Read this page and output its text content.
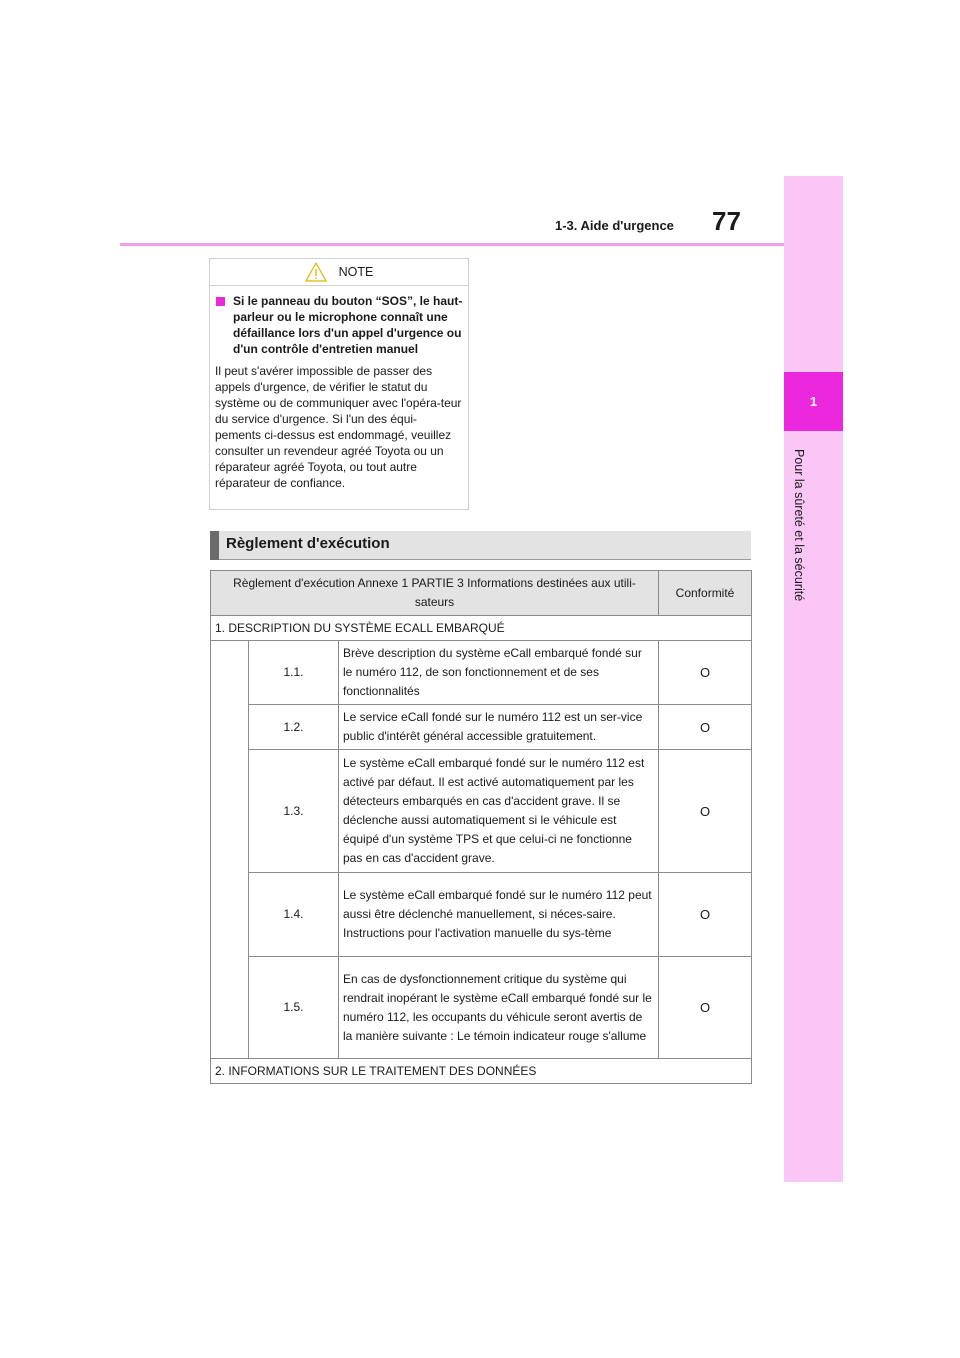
1-3. Aide d'urgence 77
1
Pour la sûreté et la sécurité
NOTE
Si le panneau du bouton “SOS”, le haut-parleur ou le microphone connaît une défaillance lors d'un appel d'urgence ou d'un contrôle d'entretien manuel
Il peut s'avérer impossible de passer des appels d'urgence, de vérifier le statut du système ou de communiquer avec l'opéra-teur du service d'urgence. Si l'un des équi-pements ci-dessus est endommagé, veuillez consulter un revendeur agréé Toyota ou un réparateur agréé Toyota, ou tout autre réparateur de confiance.
Règlement d'exécution
Règlement d'exécution Annexe 1 PARTIE 3 Informations destinées aux utili-sateurs			Conformité
1. DESCRIPTION DU SYSTÈME ECALL EMBARQUÉ			
	1.1.	Brève description du système eCall embarqué fondé sur le numéro 112, de son fonctionnement et de ses fonctionnalités	O
	1.2.	Le service eCall fondé sur le numéro 112 est un ser-vice public d'intérêt général accessible gratuitement.	O
	1.3.	Le système eCall embarqué fondé sur le numéro 112 est activé par défaut. Il est activé automatiquement par les détecteurs embarqués en cas d'accident grave. Il se déclenche aussi automatiquement si le véhicule est équipé d'un système TPS et que celui-ci ne fonctionne pas en cas d'accident grave.	O
	1.4.	Le système eCall embarqué fondé sur le numéro 112 peut aussi être déclenché manuellement, si néces-saire. Instructions pour l'activation manuelle du sys-tème	O
	1.5.	En cas de dysfonctionnement critique du système qui rendrait inopérant le système eCall embarqué fondé sur le numéro 112, les occupants du véhicule seront avertis de la manière suivante : Le témoin indicateur rouge s'allume	O
2. INFORMATIONS SUR LE TRAITEMENT DES DONNÉES			
